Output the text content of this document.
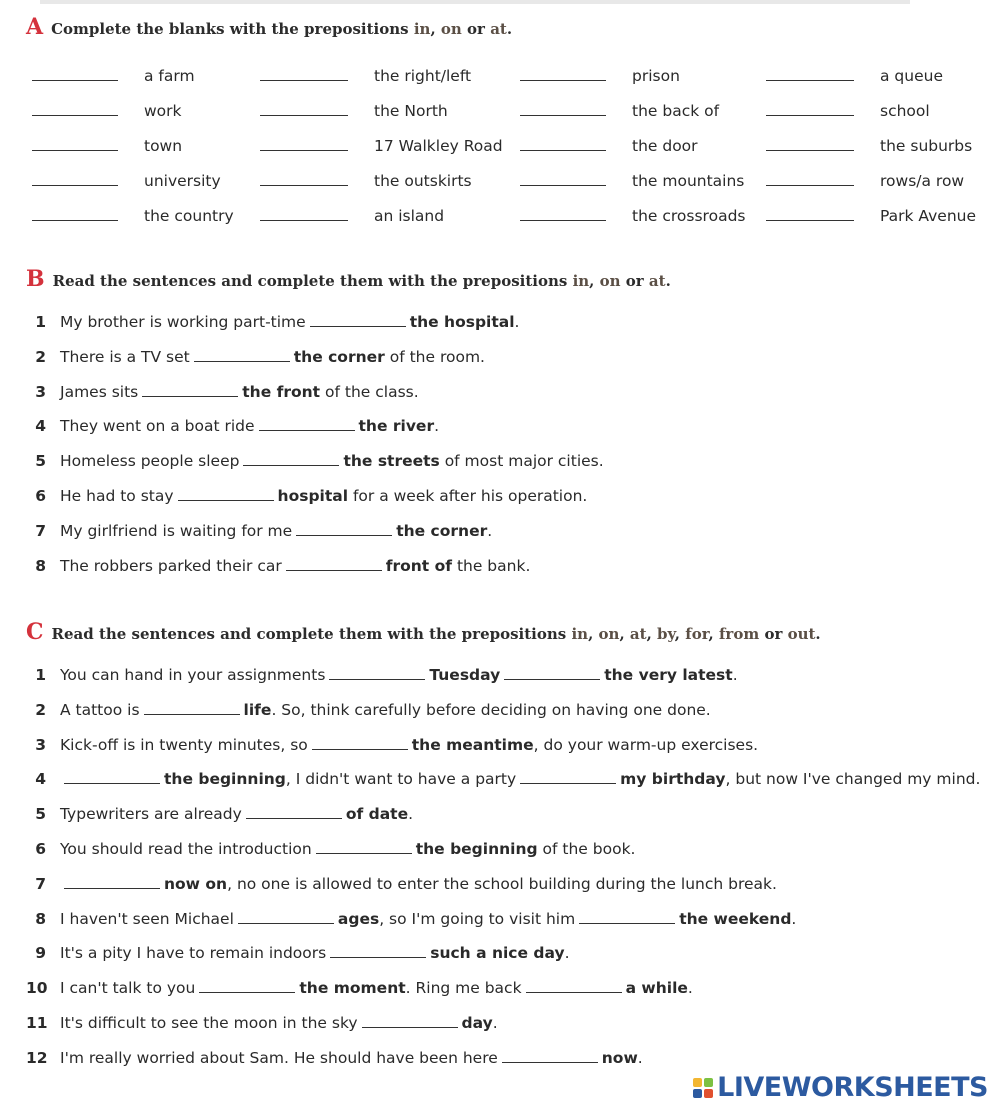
A Complete the blanks with the prepositions in, on or at.
a farm	the right/left	prison	a queue
work	the North	the back of	school
town	17 Walkley Road	the door	the suburbs
university	the outskirts	the mountains	rows/a row
the country	an island	the crossroads	Park Avenue
B Read the sentences and complete them with the prepositions in, on or at.
1 My brother is working part-time	the hospital .
2 There is a TV set	the corner of the room.
3 James sits	the front of the class.
4 They went on a boat ride	the river .
5 Homeless people sleep	the streets of most major cities.
6 He had to stay	hospital for a week after his operation.
7 My girlfriend is waiting for me	the corner .
8 The robbers parked their car	front of the bank.
C Read the sentences and complete them with the prepositions in, on, at, by, for, from or out.
1 You can hand in your assignments	Tuesday	the very latest .
2 A tattoo is	life . So, think carefully before deciding on having one done.
3 Kick-off is in twenty minutes, so	the meantime , do your warm-up exercises.
4	the beginning , I didn't want to have a party	my birthday , but now I've changed my mind.
5 Typewriters are already	of date .
6 You should read the introduction	the beginning of the book.
7	now on , no one is allowed to enter the school building during the lunch break.
8 I haven't seen Michael	ages , so I'm going to visit him	the weekend .
9 It's a pity I have to remain indoors	such a nice day .
10 I can't talk to you	the moment . Ring me back	a while .
11 It's difficult to see the moon in the sky	day .
12 I'm really worried about Sam. He should have been here	now .
LIVEWORKSHEETS
